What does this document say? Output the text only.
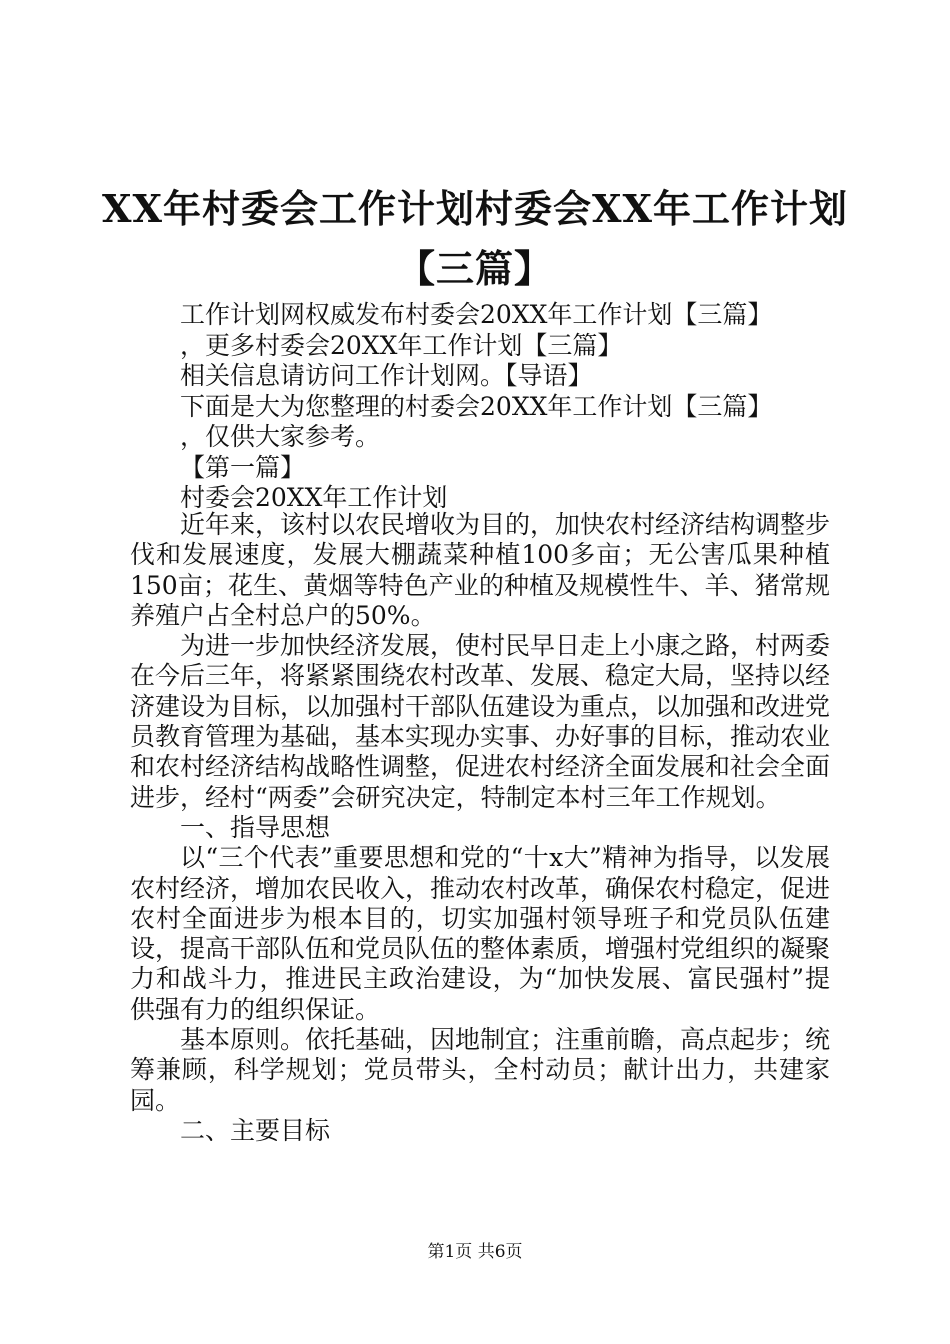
XX年村委会工作计划村委会XX年工作计划
【三篇】

工作计划网权威发布村委会20XX年工作计划【三篇】

，更多村委会20XX年工作计划【三篇】

相关信息请访问工作计划网。【导语】

下面是大为您整理的村委会20XX年工作计划【三篇】

，仅供大家参考。

【第一篇】

村委会20XX年工作计划

近年来，该村以农民增收为目的，加快农村经济结构调整步伐和发展速度，发展大棚蔬菜种植100多亩；无公害瓜果种植150亩；花生、黄烟等特色产业的种植及规模性牛、羊、猪常规养殖户占全村总户的50%。

为进一步加快经济发展，使村民早日走上小康之路，村两委在今后三年，将紧紧围绕农村改革、发展、稳定大局，坚持以经济建设为目标，以加强村干部队伍建设为重点，以加强和改进党员教育管理为基础，基本实现办实事、办好事的目标，推动农业和农村经济结构战略性调整，促进农村经济全面发展和社会全面进步，经村“两委”会研究决定，特制定本村三年工作规划。

一、指导思想

以“三个代表”重要思想和党的“十x大”精神为指导，以发展农村经济，增加农民收入，推动农村改革，确保农村稳定，促进农村全面进步为根本目的，切实加强村领导班子和党员队伍建设，提高干部队伍和党员队伍的整体素质，增强村党组织的凝聚力和战斗力，推进民主政治建设，为“加快发展、富民强村”提供强有力的组织保证。

基本原则。依托基础，因地制宜；注重前瞻，高点起步；统筹兼顾，科学规划；党员带头，全村动员；献计出力，共建家园。

二、主要目标

第1页 共6页
